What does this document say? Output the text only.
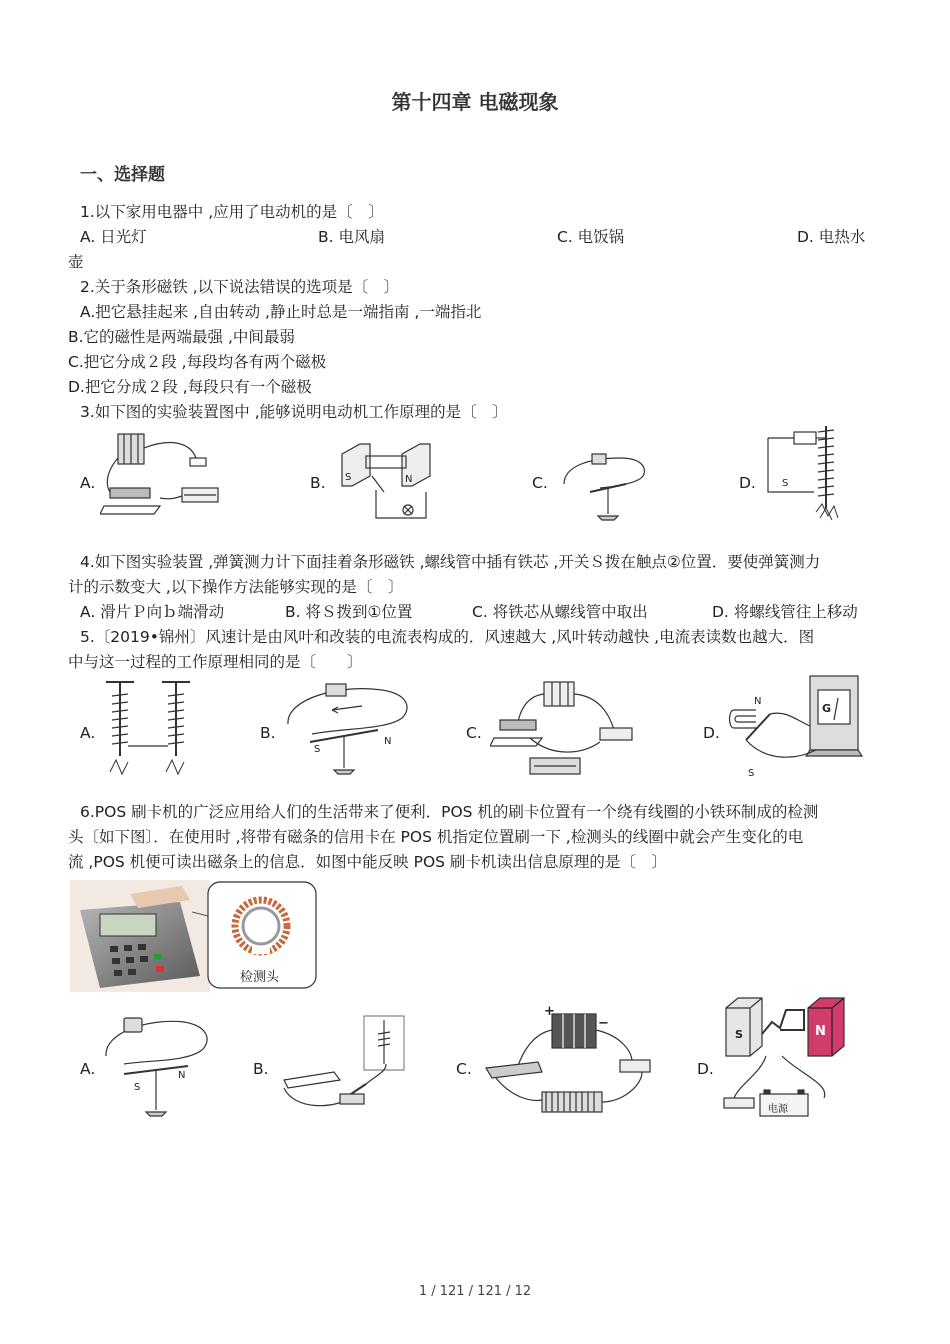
第十四章 电磁现象
一、选择题
1.以下家用电器中 ,应用了电动机的是〔　〕
A. 日光灯	B. 电风扇	C. 电饭锅	D. 电热水
壶
2.关于条形磁铁 ,以下说法错误的选项是〔　〕
A.把它悬挂起来 ,自由转动 ,静止时总是一端指南 ,一端指北
B.它的磁性是两端最强 ,中间最弱
C.把它分成２段 ,每段均各有两个磁极
D.把它分成２段 ,每段只有一个磁极
3.如下图的实验装置图中 ,能够说明电动机工作原理的是〔　〕
A.	B.	C.	D.
S	N	S
4.如下图实验装置 ,弹簧测力计下面挂着条形磁铁 ,螺线管中插有铁芯 ,开关Ｓ拨在触点②位置．要使弹簧测力
计的示数变大 ,以下操作方法能够实现的是〔　〕
A. 滑片Ｐ向ｂ端滑动	B. 将Ｓ拨到①位置	C. 将铁芯从螺线管中取出	D. 将螺线管往上移动
5.〔2019•锦州〕风速计是由风叶和改装的电流表构成的．风速越大 ,风叶转动越快 ,电流表读数也越大．图
中与这一过程的工作原理相同的是〔　　〕
A.	B.	C.	D.
S
N
S
N
G
6.POS 刷卡机的广泛应用给人们的生活带来了便利．POS 机的刷卡位置有一个绕有线圈的小铁环制成的检测
头〔如下图〕．在使用时 ,将带有磁条的信用卡在 POS 机指定位置刷一下 ,检测头的线圈中就会产生变化的电
流 ,POS 机便可读出磁条上的信息．如图中能反映 POS 刷卡机读出信息原理的是〔　〕
检测头
A.	B.	C.	D.
S
N
+
−
S	N
电源
1 / 121 / 121 / 12
